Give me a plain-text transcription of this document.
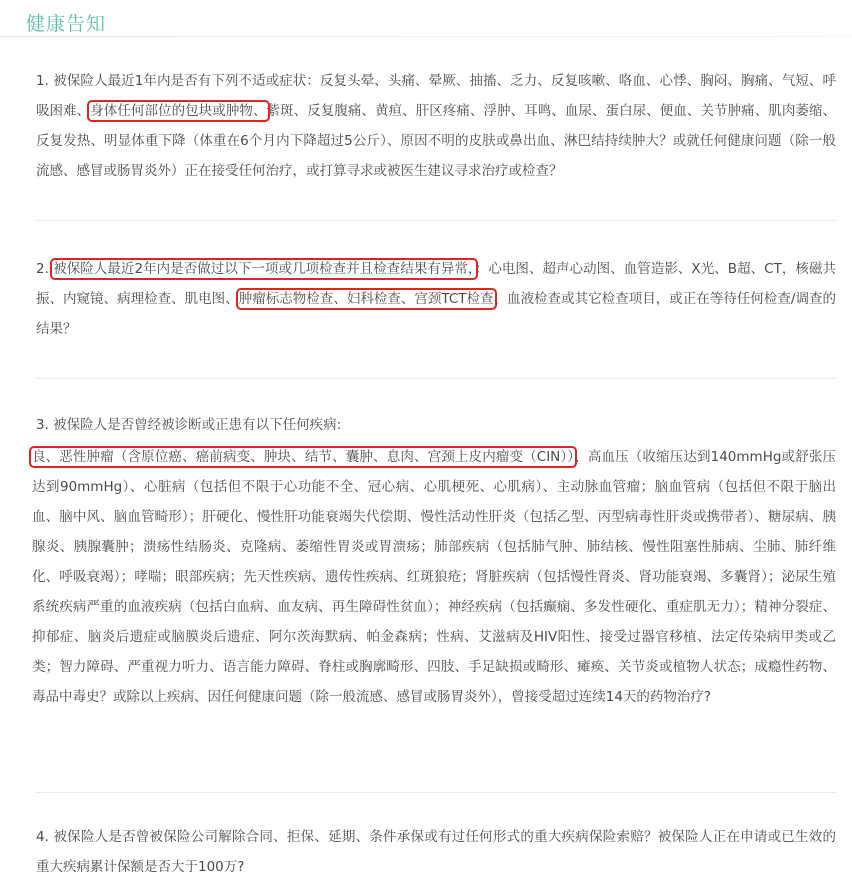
健康告知

1. 被保险人最近1年内是否有下列不适或症状：反复头晕、头痛、晕厥、抽搐、乏力、反复咳嗽、咯血、心悸、胸闷、胸痛、气短、呼吸困难、身体任何部位的包块或肿物、紫斑、反复腹痛、黄疸、肝区疼痛、浮肿、耳鸣、血尿、蛋白尿、便血、关节肿痛、肌肉萎缩、反复发热、明显体重下降（体重在6个月内下降超过5公斤）、原因不明的皮肤或鼻出血、淋巴结持续肿大？或就任何健康问题（除一般流感、感冒或肠胃炎外）正在接受任何治疗，或打算寻求或被医生建议寻求治疗或检查？

2. 被保险人最近2年内是否做过以下一项或几项检查并且检查结果有异常，：心电图、超声心动图、血管造影、X光、B超、CT，核磁共振、内窥镜、病理检查、肌电图、肿瘤标志物检查、妇科检查、宫颈TCT检查、血液检查或其它检查项目，或正在等待任何检查/调查的结果？

3. 被保险人是否曾经被诊断或正患有以下任何疾病:

良、恶性肿瘤（含原位癌、癌前病变、肿块、结节、囊肿、息肉、宫颈上皮内瘤变（CIN））、高血压（收缩压达到140mmHg或舒张压达到90mmHg）、心脏病（包括但不限于心功能不全、冠心病、心肌梗死、心肌病）、主动脉血管瘤；脑血管病（包括但不限于脑出血、脑中风、脑血管畸形）；肝硬化、慢性肝功能衰竭失代偿期、慢性活动性肝炎（包括乙型、丙型病毒性肝炎或携带者）、糖尿病、胰腺炎、胰腺囊肿；溃疡性结肠炎、克隆病、萎缩性胃炎或胃溃疡；肺部疾病（包括肺气肿、肺结核、慢性阻塞性肺病、尘肺、肺纤维化、呼吸衰竭）；哮喘；眼部疾病；先天性疾病、遗传性疾病、红斑狼疮；肾脏疾病（包括慢性肾炎、肾功能衰竭、多囊肾）；泌尿生殖系统疾病严重的血液疾病（包括白血病、血友病、再生障碍性贫血）；神经疾病（包括癫痫、多发性硬化、重症肌无力）；精神分裂症、抑郁症、脑炎后遗症或脑膜炎后遗症、阿尔茨海默病、帕金森病；性病、艾滋病及HIV阳性、接受过器官移植、法定传染病甲类或乙类；智力障碍、严重视力听力、语言能力障碍、脊柱或胸廓畸形、四肢、手足缺损或畸形、瘫痪、关节炎或植物人状态；成瘾性药物、毒品中毒史？或除以上疾病、因任何健康问题（除一般流感、感冒或肠胃炎外），曾接受超过连续14天的药物治疗?

4. 被保险人是否曾被保险公司解除合同、拒保、延期、条件承保或有过任何形式的重大疾病保险索赔？被保险人正在申请或已生效的重大疾病累计保额是否大于100万?
